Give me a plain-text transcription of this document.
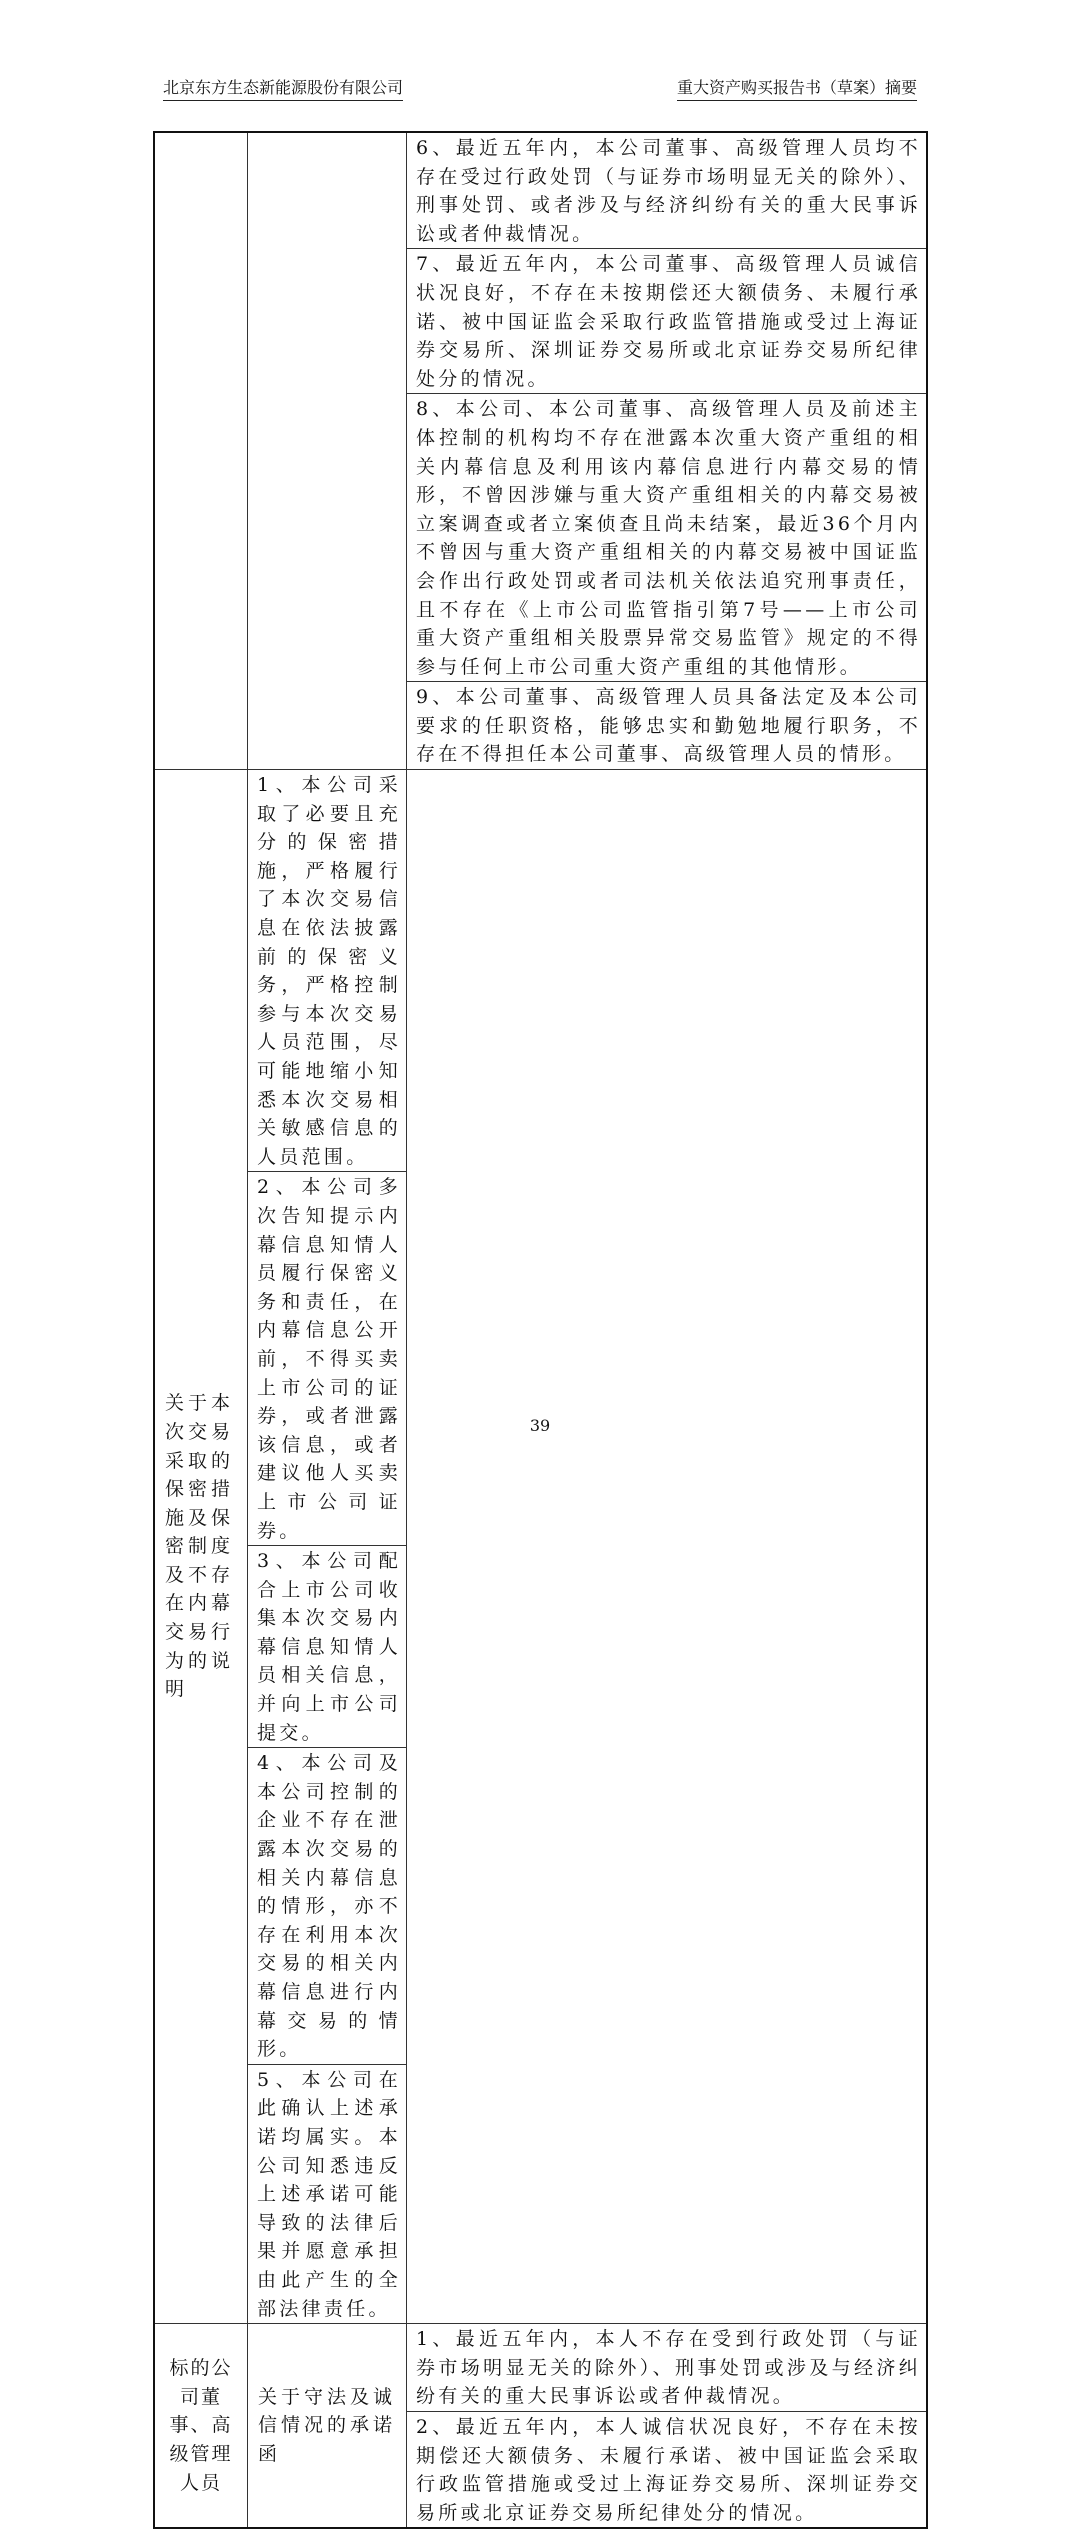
北京东方生态新能源股份有限公司	重大资产购买报告书（草案）摘要
		6、最近五年内，本公司董事、高级管理人员均不存在受过行政处罚（与证券市场明显无关的除外）、刑事处罚、或者涉及与经济纠纷有关的重大民事诉讼或者仲裁情况。
		7、最近五年内，本公司董事、高级管理人员诚信状况良好，不存在未按期偿还大额债务、未履行承诺、被中国证监会采取行政监管措施或受过上海证券交易所、深圳证券交易所或北京证券交易所纪律处分的情况。
		8、本公司、本公司董事、高级管理人员及前述主体控制的机构均不存在泄露本次重大资产重组的相关内幕信息及利用该内幕信息进行内幕交易的情形，不曾因涉嫌与重大资产重组相关的内幕交易被立案调查或者立案侦查且尚未结案，最近36个月内不曾因与重大资产重组相关的内幕交易被中国证监会作出行政处罚或者司法机关依法追究刑事责任，且不存在《上市公司监管指引第7号——上市公司重大资产重组相关股票异常交易监管》规定的不得参与任何上市公司重大资产重组的其他情形。
		9、本公司董事、高级管理人员具备法定及本公司要求的任职资格，能够忠实和勤勉地履行职务，不存在不得担任本公司董事、高级管理人员的情形。
关于本次交易采取的保密措施及保密制度及不存在内幕交易行为的说明	1、本公司采取了必要且充分的保密措施，严格履行了本次交易信息在依法披露前的保密义务，严格控制参与本次交易人员范围，尽可能地缩小知悉本次交易相关敏感信息的人员范围。	
	2、本公司多次告知提示内幕信息知情人员履行保密义务和责任，在内幕信息公开前，不得买卖上市公司的证券，或者泄露该信息，或者建议他人买卖上市公司证券。	
	3、本公司配合上市公司收集本次交易内幕信息知情人员相关信息，并向上市公司提交。	
	4、本公司及本公司控制的企业不存在泄露本次交易的相关内幕信息的情形，亦不存在利用本次交易的相关内幕信息进行内幕交易的情形。	
	5、本公司在此确认上述承诺均属实。本公司知悉违反上述承诺可能导致的法律后果并愿意承担由此产生的全部法律责任。	
标的公司董事、高级管理人员	关于守法及诚信情况的承诺函	1、最近五年内，本人不存在受到行政处罚（与证券市场明显无关的除外）、刑事处罚或涉及与经济纠纷有关的重大民事诉讼或者仲裁情况。
		2、最近五年内，本人诚信状况良好，不存在未按期偿还大额债务、未履行承诺、被中国证监会采取行政监管措施或受过上海证券交易所、深圳证券交易所或北京证券交易所纪律处分的情况。
39
